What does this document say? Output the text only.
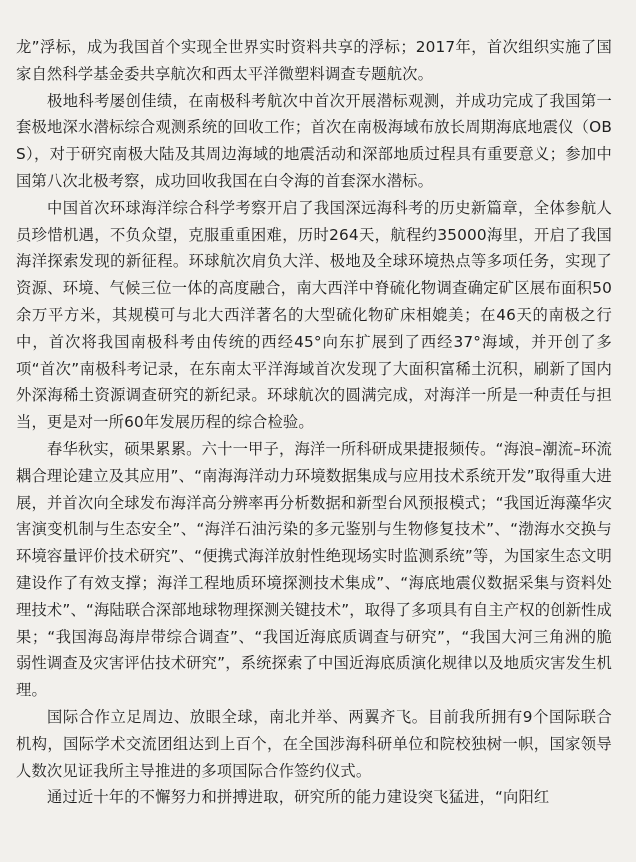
龙”浮标，成为我国首个实现全世界实时资料共享的浮标；2017年，首次组织实施了国家自然科学基金委共享航次和西太平洋微塑料调查专题航次。

极地科考屡创佳绩，在南极科考航次中首次开展潜标观测，并成功完成了我国第一套极地深水潜标综合观测系统的回收工作；首次在南极海域布放长周期海底地震仪（OBS），对于研究南极大陆及其周边海域的地震活动和深部地质过程具有重要意义；参加中国第八次北极考察，成功回收我国在白令海的首套深水潜标。

中国首次环球海洋综合科学考察开启了我国深远海科考的历史新篇章，全体参航人员珍惜机遇，不负众望，克服重重困难，历时264天，航程约35000海里，开启了我国海洋探索发现的新征程。环球航次肩负大洋、极地及全球环境热点等多项任务，实现了资源、环境、气候三位一体的高度融合，南大西洋中脊硫化物调查确定矿区展布面积50余万平方米，其规模可与北大西洋著名的大型硫化物矿床相媲美；在46天的南极之行中，首次将我国南极科考由传统的西经45°向东扩展到了西经37°海域，并开创了多项“首次”南极科考记录，在东南太平洋海域首次发现了大面积富稀土沉积，刷新了国内外深海稀土资源调查研究的新纪录。环球航次的圆满完成，对海洋一所是一种责任与担当，更是对一所60年发展历程的综合检验。

春华秋实，硕果累累。六十一甲子，海洋一所科研成果捷报频传。“海浪–潮流–环流耦合理论建立及其应用”、“南海海洋动力环境数据集成与应用技术系统开发”取得重大进展，并首次向全球发布海洋高分辨率再分析数据和新型台风预报模式；“我国近海藻华灾害演变机制与生态安全”、“海洋石油污染的多元鉴别与生物修复技术”、“渤海水交换与环境容量评价技术研究”、“便携式海洋放射性绝现场实时监测系统”等，为国家生态文明建设作了有效支撑；海洋工程地质环境探测技术集成”、“海底地震仪数据采集与资料处理技术”、“海陆联合深部地球物理探测关键技术”，取得了多项具有自主产权的创新性成果；“我国海岛海岸带综合调查”、“我国近海底质调查与研究”，“我国大河三角洲的脆弱性调查及灾害评估技术研究”，系统探索了中国近海底质演化规律以及地质灾害发生机理。

国际合作立足周边、放眼全球，南北并举、两翼齐飞。目前我所拥有9个国际联合机构，国际学术交流团组达到上百个，在全国涉海科研单位和院校独树一帜，国家领导人数次见证我所主导推进的多项国际合作签约仪式。

通过近十年的不懈努力和拼搏进取，研究所的能力建设突飞猛进，“向阳红
